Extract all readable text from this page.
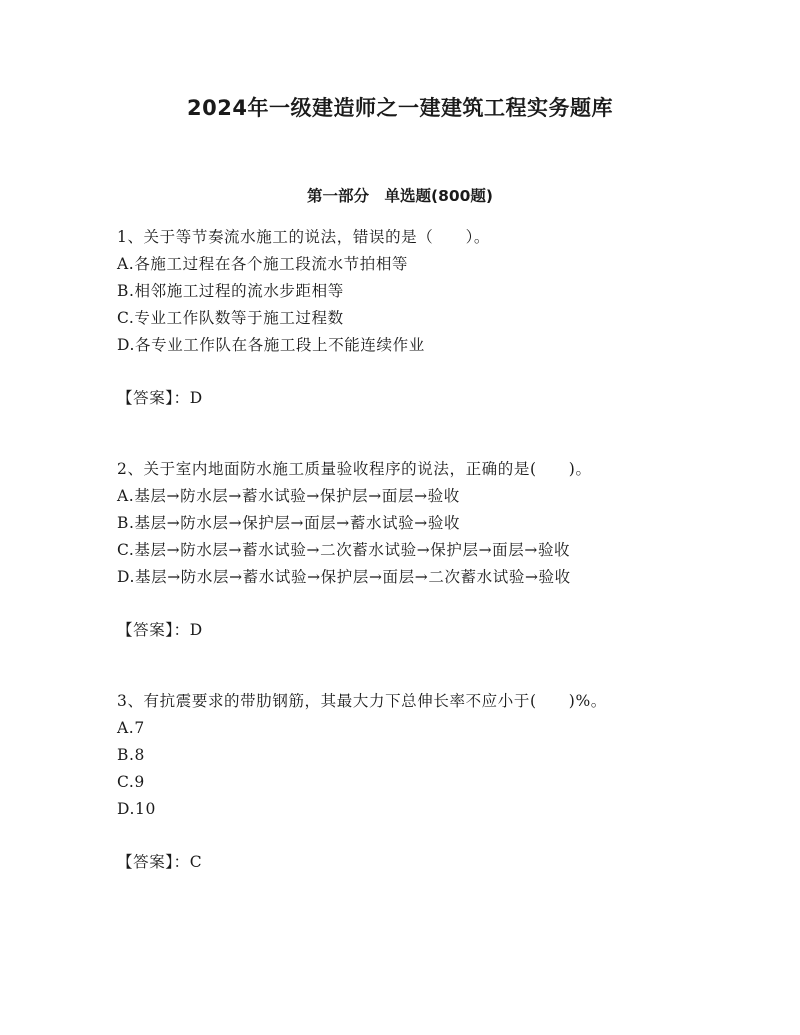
2024年一级建造师之一建建筑工程实务题库
第一部分　单选题(800题)
1、关于等节奏流水施工的说法，错误的是（　　）。
A.各施工过程在各个施工段流水节拍相等
B.相邻施工过程的流水步距相等
C.专业工作队数等于施工过程数
D.各专业工作队在各施工段上不能连续作业
【答案】：D
2、关于室内地面防水施工质量验收程序的说法，正确的是(　　)。
A.基层→防水层→蓄水试验→保护层→面层→验收
B.基层→防水层→保护层→面层→蓄水试验→验收
C.基层→防水层→蓄水试验→二次蓄水试验→保护层→面层→验收
D.基层→防水层→蓄水试验→保护层→面层→二次蓄水试验→验收
【答案】：D
3、有抗震要求的带肋钢筋，其最大力下总伸长率不应小于(　　)%。
A.7
B.8
C.9
D.10
【答案】：C
